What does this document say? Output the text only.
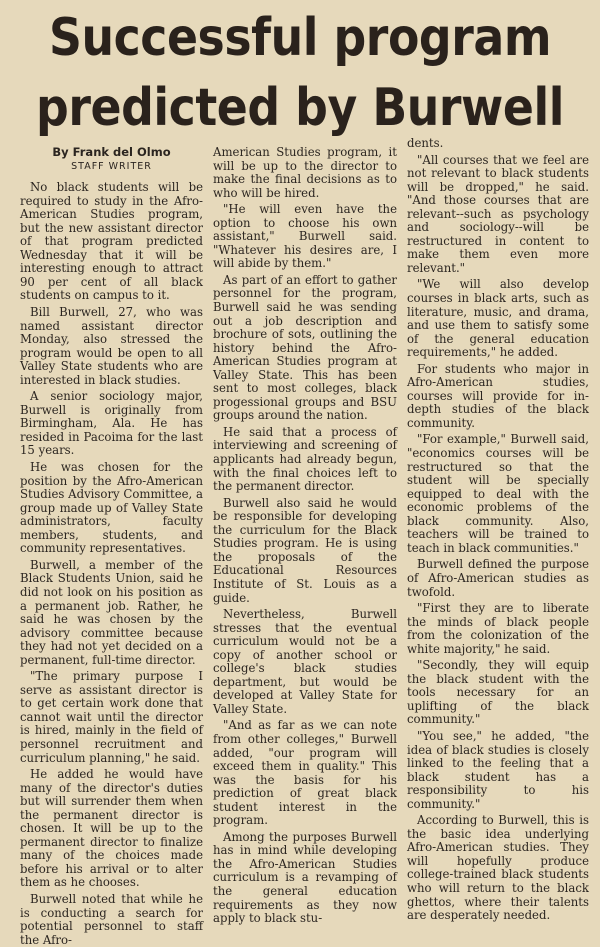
Successful program
predicted by Burwell
By Frank del Olmo
STAFF WRITER

No black students will be required to study in the Afro-American Studies program, but the new assistant director of that program predicted Wednesday that it will be interesting enough to attract 90 per cent of all black students on campus to it.

Bill Burwell, 27, who was named assistant director Monday, also stressed the program would be open to all Valley State students who are interested in black studies.

A senior sociology major, Burwell is originally from Birmingham, Ala. He has resided in Pacoima for the last 15 years.

He was chosen for the position by the Afro-American Studies Advisory Committee, a group made up of Valley State administrators, faculty members, students, and community representatives.

Burwell, a member of the Black Students Union, said he did not look on his position as a permanent job. Rather, he said he was chosen by the advisory committee because they had not yet decided on a permanent, full-time director.

"The primary purpose I serve as assistant director is to get certain work done that cannot wait until the director is hired, mainly in the field of personnel recruitment and curriculum planning," he said.

He added he would have many of the director's duties but will surrender them when the permanent director is chosen. It will be up to the permanent director to finalize many of the choices made before his arrival or to alter them as he chooses.

Burwell noted that while he is conducting a search for potential personnel to staff the Afro-

American Studies program, it will be up to the director to make the final decisions as to who will be hired.

"He will even have the option to choose his own assistant," Burwell said. "Whatever his desires are, I will abide by them."

As part of an effort to gather personnel for the program, Burwell said he was sending out a job description and brochure of sots, outlining the history behind the Afro-American Studies program at Valley State. This has been sent to most colleges, black progessional groups and BSU groups around the nation.

He said that a process of interviewing and screening of applicants had already begun, with the final choices left to the permanent director.

Burwell also said he would be responsible for developing the curriculum for the Black Studies program. He is using the proposals of the Educational Resources Institute of St. Louis as a guide.

Nevertheless, Burwell stresses that the eventual curriculum would not be a copy of another school or college's black studies department, but would be developed at Valley State for Valley State.

"And as far as we can note from other colleges," Burwell added, "our program will exceed them in quality." This was the basis for his prediction of great black student interest in the program.

Among the purposes Burwell has in mind while developing the Afro-American Studies curriculum is a revamping of the general education requirements as they now apply to black stu-

dents.

"All courses that we feel are not relevant to black students will be dropped," he said. "And those courses that are relevant--such as psychology and sociology--will be restructured in content to make them even more relevant."

"We will also develop courses in black arts, such as literature, music, and drama, and use them to satisfy some of the general education requirements," he added.

For students who major in Afro-American studies, courses will provide for in-depth studies of the black community.

"For example," Burwell said, "economics courses will be restructured so that the student will be specially equipped to deal with the economic problems of the black community. Also, teachers will be trained to teach in black communities."

Burwell defined the purpose of Afro-American studies as twofold.

"First they are to liberate the minds of black people from the colonization of the white majority," he said.

"Secondly, they will equip the black student with the tools necessary for an uplifting of the black community."

"You see," he added, "the idea of black studies is closely linked to the feeling that a black student has a responsibility to his community."

According to Burwell, this is the basic idea underlying Afro-American studies. They will hopefully produce college-trained black students who will return to the black ghettos, where their talents are desperately needed.
